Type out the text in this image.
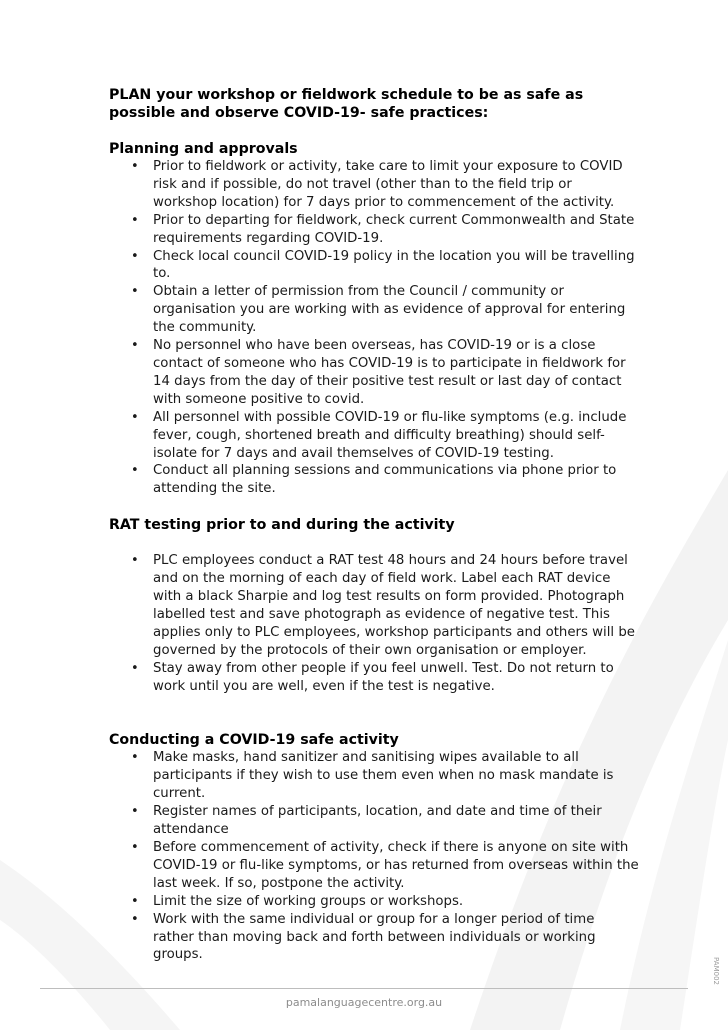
PLAN your workshop or fieldwork schedule to be as safe as possible and observe COVID-19- safe practices:
Planning and approvals
• Prior to fieldwork or activity, take care to limit your exposure to COVID risk and if possible, do not travel (other than to the field trip or workshop location) for 7 days prior to commencement of the activity.
• Prior to departing for fieldwork, check current Commonwealth and State requirements regarding COVID-19.
• Check local council COVID-19 policy in the location you will be travelling to.
• Obtain a letter of permission from the Council / community or organisation you are working with as evidence of approval for entering the community.
• No personnel who have been overseas, has COVID-19 or is a close contact of someone who has COVID-19 is to participate in fieldwork for 14 days from the day of their positive test result or last day of contact with someone positive to covid.
• All personnel with possible COVID-19 or flu-like symptoms (e.g. include fever, cough, shortened breath and difficulty breathing) should self-isolate for 7 days and avail themselves of COVID-19 testing.
• Conduct all planning sessions and communications via phone prior to attending the site.
RAT testing prior to and during the activity
• PLC employees conduct a RAT test 48 hours and 24 hours before travel and on the morning of each day of field work. Label each RAT device with a black Sharpie and log test results on form provided. Photograph labelled test and save photograph as evidence of negative test. This applies only to PLC employees, workshop participants and others will be governed by the protocols of their own organisation or employer.
• Stay away from other people if you feel unwell. Test. Do not return to work until you are well, even if the test is negative.
Conducting a COVID-19 safe activity
• Make masks, hand sanitizer and sanitising wipes available to all participants if they wish to use them even when no mask mandate is current.
• Register names of participants, location, and date and time of their attendance
• Before commencement of activity, check if there is anyone on site with COVID-19 or flu-like symptoms, or has returned from overseas within the last week. If so, postpone the activity.
• Limit the size of working groups or workshops.
• Work with the same individual or group for a longer period of time rather than moving back and forth between individuals or working groups.
pamalanguagecentre.org.au
PAM002
